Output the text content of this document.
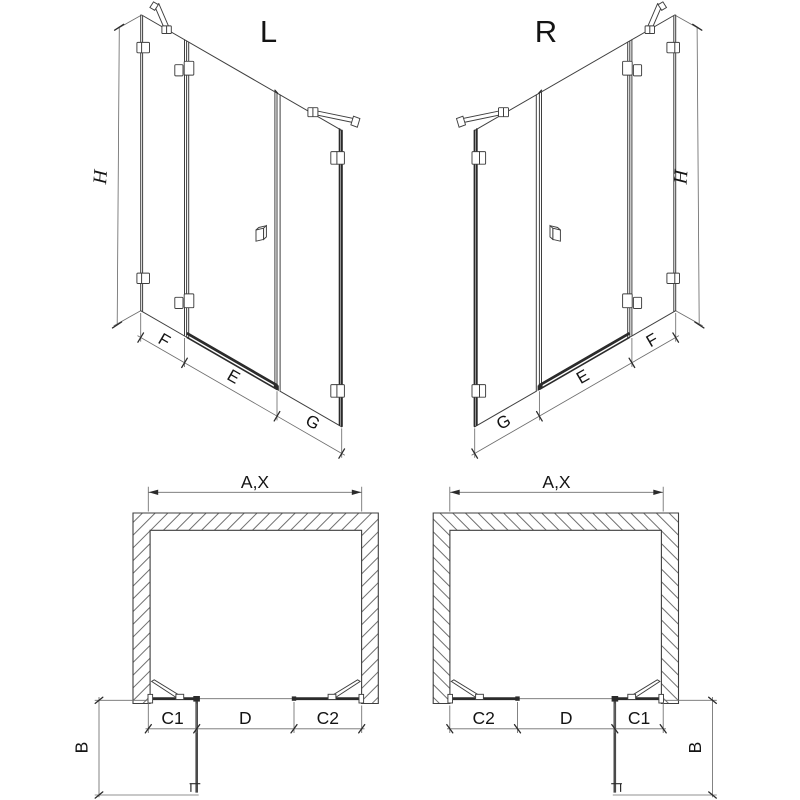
L	R
H	H
F
E
G
F
E
G
A,X	A,X
C1	D	C2	C2	D	C1
B	B
